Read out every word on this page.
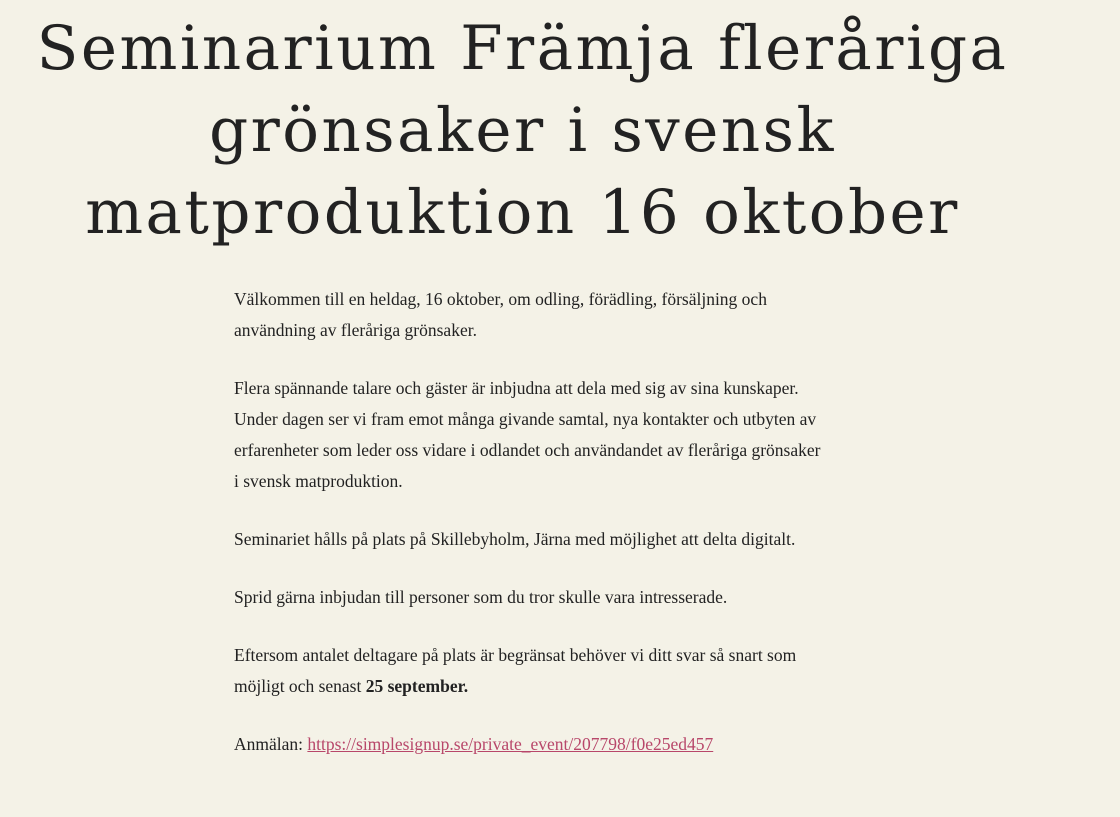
Seminarium Främja fleråriga grönsaker i svensk matproduktion 16 oktober

Välkommen till en heldag, 16 oktober, om odling, förädling, försäljning och användning av fleråriga grönsaker.

Flera spännande talare och gäster är inbjudna att dela med sig av sina kunskaper. Under dagen ser vi fram emot många givande samtal, nya kontakter och utbyten av erfarenheter som leder oss vidare i odlandet och användandet av fleråriga grönsaker i svensk matproduktion.

Seminariet hålls på plats på Skillebyholm, Järna med möjlighet att delta digitalt.

Sprid gärna inbjudan till personer som du tror skulle vara intresserade.

Eftersom antalet deltagare på plats är begränsat behöver vi ditt svar så snart som möjligt och senast 25 september.

Anmälan: https://simplesignup.se/private_event/207798/f0e25ed457
